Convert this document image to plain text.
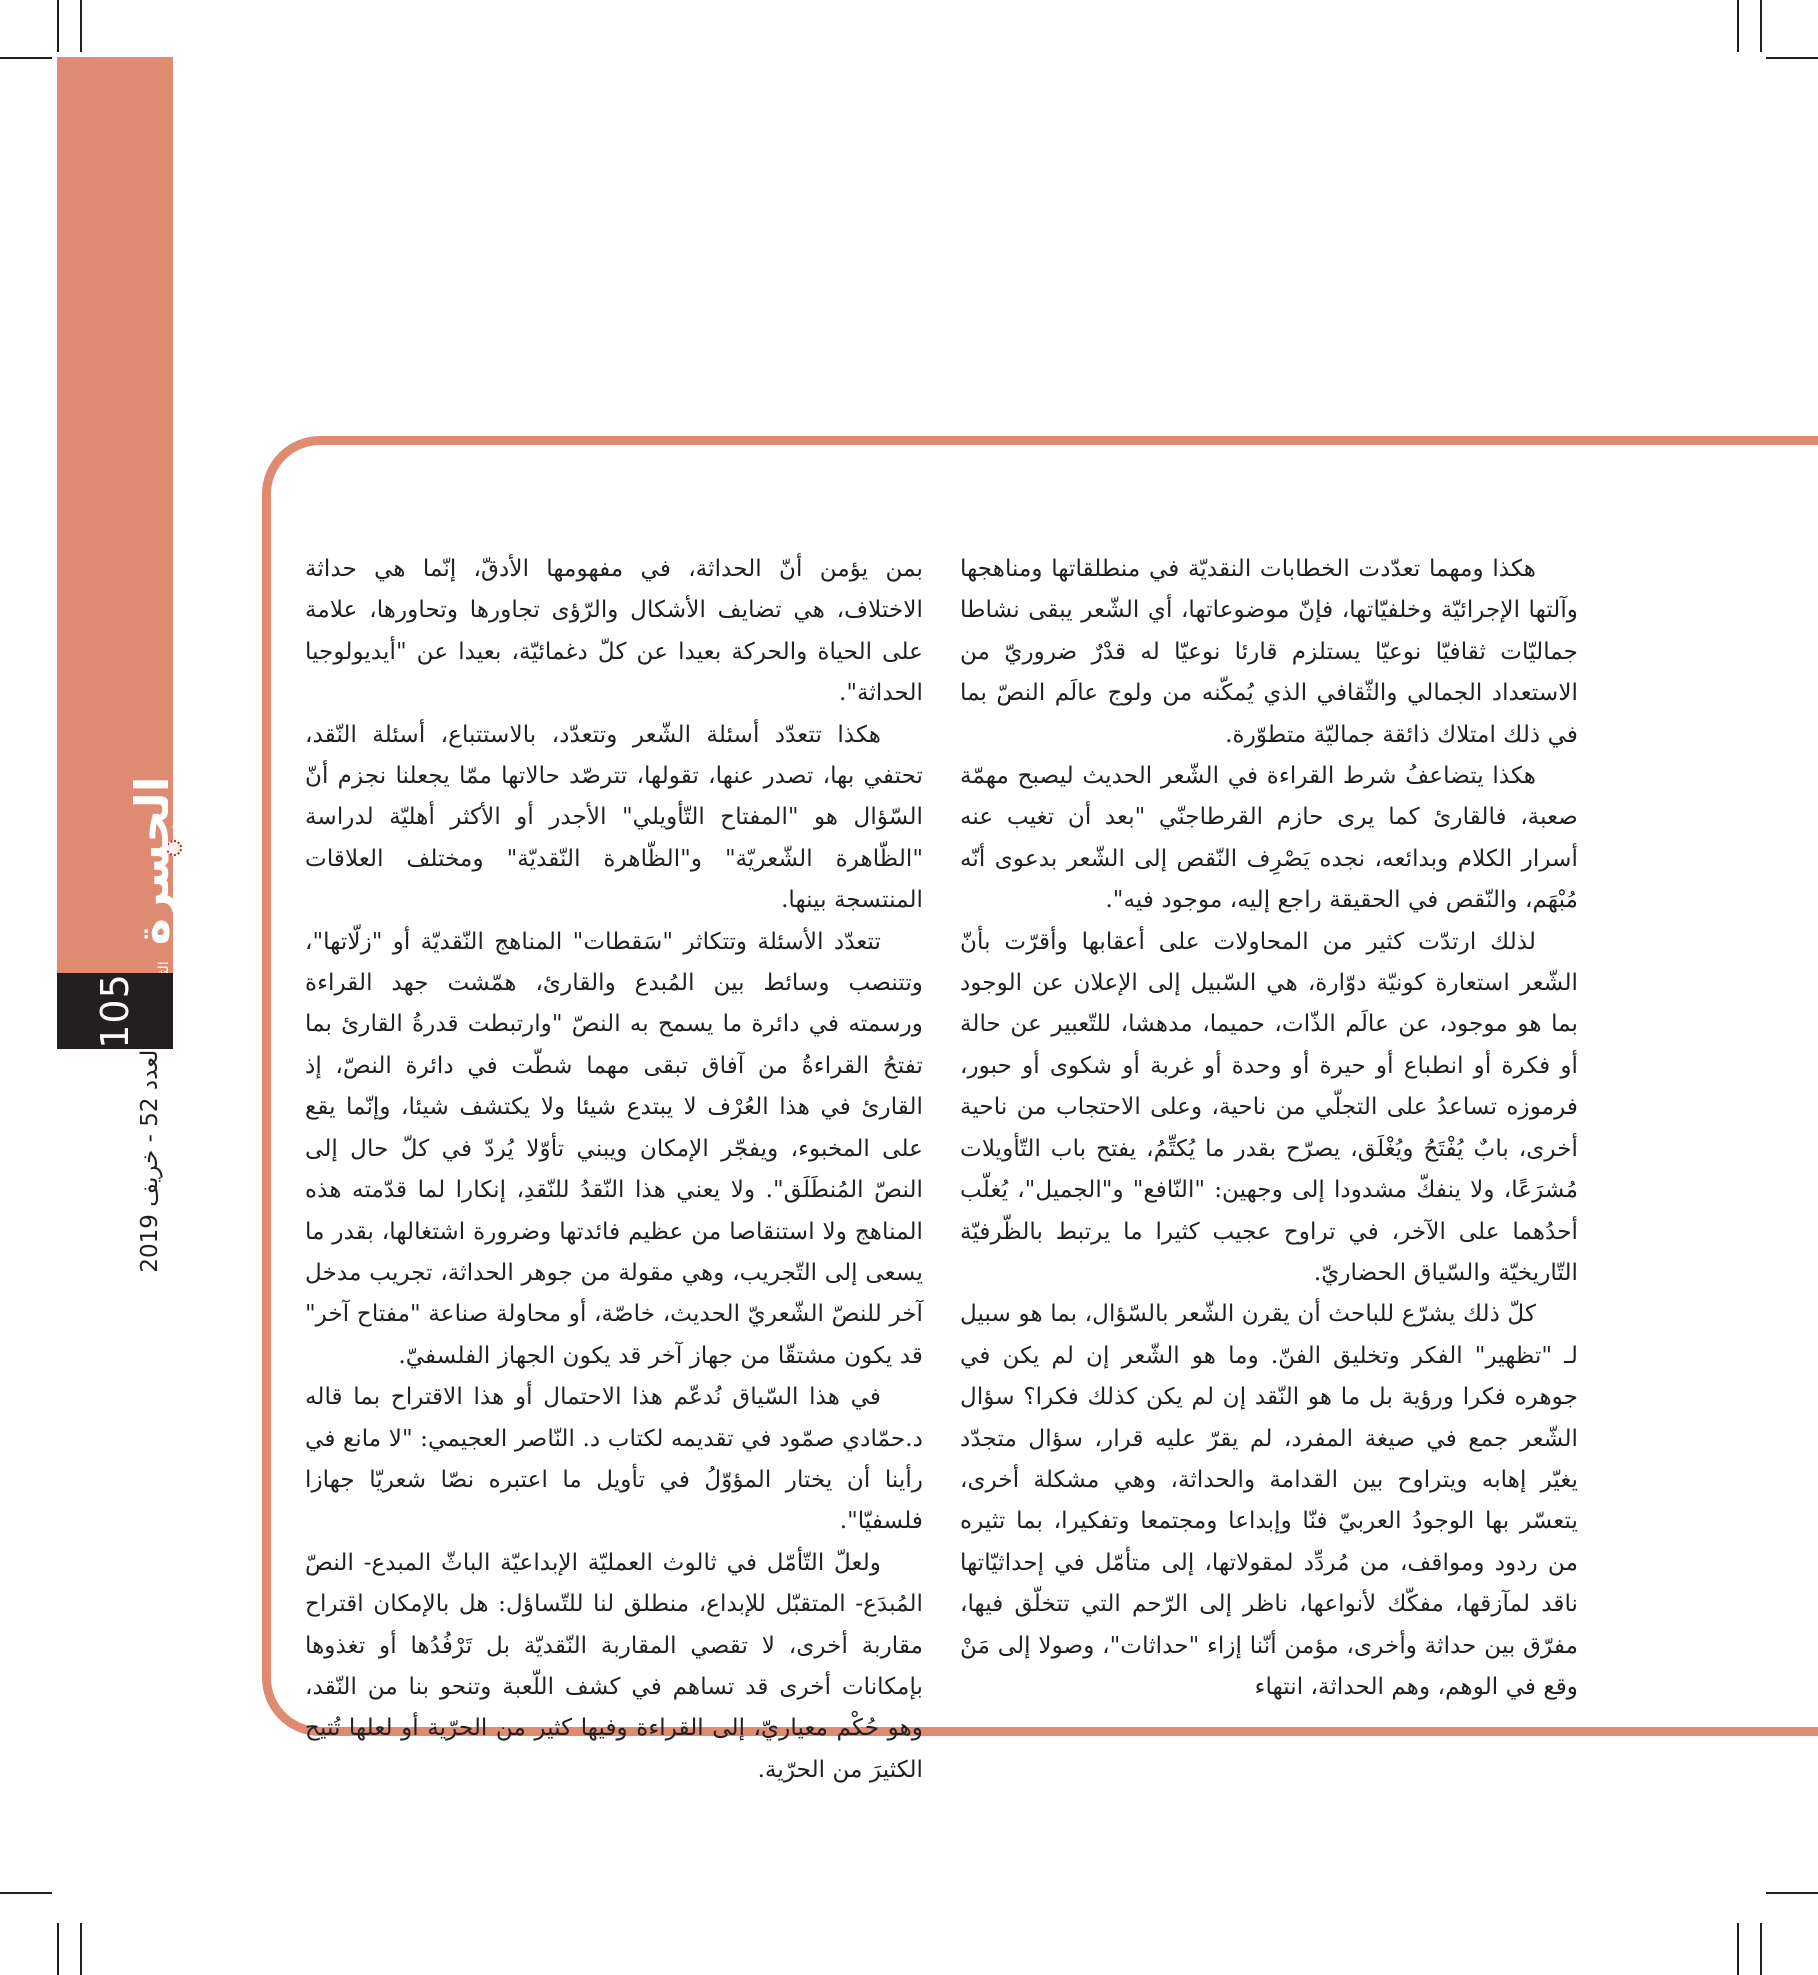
الجسرة
105
العدد 52 - خريف 2019

هكذا ومهما تعدّدت الخطابات النقديّة في منطلقاتها ومناهجها وآلتها الإجرائيّة وخلفيّاتها، فإنّ موضوعاتها، أي الشّعر يبقى نشاطا جماليّات ثقافيّا نوعيّا يستلزم قارئا نوعيّا له قدْرٌ ضروريّ من الاستعداد الجمالي والثّقافي الذي يُمكّنه من ولوج عالَم النصّ بما في ذلك امتلاك ذائقة جماليّة متطوّرة.

هكذا يتضاعفُ شرط القراءة في الشّعر الحديث ليصبح مهمّة صعبة، فالقارئ كما يرى حازم القرطاجنّي "بعد أن تغيب عنه أسرار الكلام وبدائعه، نجده يَصْرِف النّقص إلى الشّعر بدعوى أنّه مُبْهَم، والنّقص في الحقيقة راجع إليه، موجود فيه".

لذلك ارتدّت كثير من المحاولات على أعقابها وأقرّت بأنّ الشّعر استعارة كونيّة دوّارة، هي السّبيل إلى الإعلان عن الوجود بما هو موجود، عن عالَم الذّات، حميما، مدهشا، للتّعبير عن حالة أو فكرة أو انطباع أو حيرة أو وحدة أو غربة أو شكوى أو حبور، فرموزه تساعدُ على التجلّي من ناحية، وعلى الاحتجاب من ناحية أخرى، بابٌ يُفْتَحُ ويُغْلَق، يصرّح بقدر ما يُكتِّمُ، يفتح باب التّأويلات مُشرَعًا، ولا ينفكّ مشدودا إلى وجهين: "النّافع" و"الجميل"، يُغلّب أحدُهما على الآخر، في تراوح عجيب كثيرا ما يرتبط بالظّرفيّة التّاريخيّة والسّياق الحضاريّ.

كلّ ذلك يشرّع للباحث أن يقرن الشّعر بالسّؤال، بما هو سبيل لـ "تظهير" الفكر وتخليق الفنّ. وما هو الشّعر إن لم يكن في جوهره فكرا ورؤية بل ما هو النّقد إن لم يكن كذلك فكرا؟ سؤال الشّعر جمع في صيغة المفرد، لم يقرّ عليه قرار، سؤال متجدّد يغيّر إهابه ويتراوح بين القدامة والحداثة، وهي مشكلة أخرى، يتعسّر بها الوجودُ العربيّ فنّا وإبداعا ومجتمعا وتفكيرا، بما تثيره من ردود ومواقف، من مُردِّد لمقولاتها، إلى متأمّل في إحداثيّاتها ناقد لمآزقها، مفكّك لأنواعها، ناظر إلى الرّحم التي تتخلّق فيها، مفرّق بين حداثة وأخرى، مؤمن أنّنا إزاء "حداثات"، وصولا إلى مَنْ وقع في الوهم، وهم الحداثة، انتهاء

بمن يؤمن أنّ الحداثة، في مفهومها الأدقّ، إنّما هي حداثة الاختلاف، هي تضايف الأشكال والرّؤى تجاورها وتحاورها، علامة على الحياة والحركة بعيدا عن كلّ دغمائيّة، بعيدا عن "أيديولوجيا الحداثة".

هكذا تتعدّد أسئلة الشّعر وتتعدّد، بالاستتباع، أسئلة النّقد، تحتفي بها، تصدر عنها، تقولها، تترصّد حالاتها ممّا يجعلنا نجزم أنّ السّؤال هو "المفتاح التّأويلي" الأجدر أو الأكثر أهليّة لدراسة "الظّاهرة الشّعريّة" و"الظّاهرة النّقديّة" ومختلف العلاقات المنتسجة بينها.

تتعدّد الأسئلة وتتكاثر "سَقطات" المناهج النّقديّة أو "زلّاتها"، وتتنصب وسائط بين المُبدع والقارئ، همّشت جهد القراءة ورسمته في دائرة ما يسمح به النصّ "وارتبطت قدرةُ القارئ بما تفتحُ القراءةُ من آفاق تبقى مهما شطّت في دائرة النصّ، إذ القارئ في هذا العُرْف لا يبتدع شيئا ولا يكتشف شيئا، وإنّما يقع على المخبوء، ويفجّر الإمكان ويبني تأوّلا يُردّ في كلّ حال إلى النصّ المُنطَلَق". ولا يعني هذا النّقدُ للنّقدِ، إنكارا لما قدّمته هذه المناهج ولا استنقاصا من عظيم فائدتها وضرورة اشتغالها، بقدر ما يسعى إلى التّجريب، وهي مقولة من جوهر الحداثة، تجريب مدخل آخر للنصّ الشّعريّ الحديث، خاصّة، أو محاولة صناعة "مفتاح آخر" قد يكون مشتقّا من جهاز آخر قد يكون الجهاز الفلسفيّ.

في هذا السّياق نُدعّم هذا الاحتمال أو هذا الاقتراح بما قاله د.حمّادي صمّود في تقديمه لكتاب د. النّاصر العجيمي: "لا مانع في رأينا أن يختار المؤوّلُ في تأويل ما اعتبره نصّا شعريّا جهازا فلسفيّا".

ولعلّ التّأمّل في ثالوث العمليّة الإبداعيّة الباثّ المبدع- النصّ المُبدَع- المتقبّل للإبداع، منطلق لنا للتّساؤل: هل بالإمكان اقتراح مقاربة أخرى، لا تقصي المقاربة النّقديّة بل تَرْفُدُها أو تغذوها بإمكانات أخرى قد تساهم في كشف اللّعبة وتنحو بنا من النّقد، وهو حُكْم معياريّ، إلى القراءة وفيها كثير من الحرّية أو لعلها تُتيح الكثيرَ من الحرّية.
